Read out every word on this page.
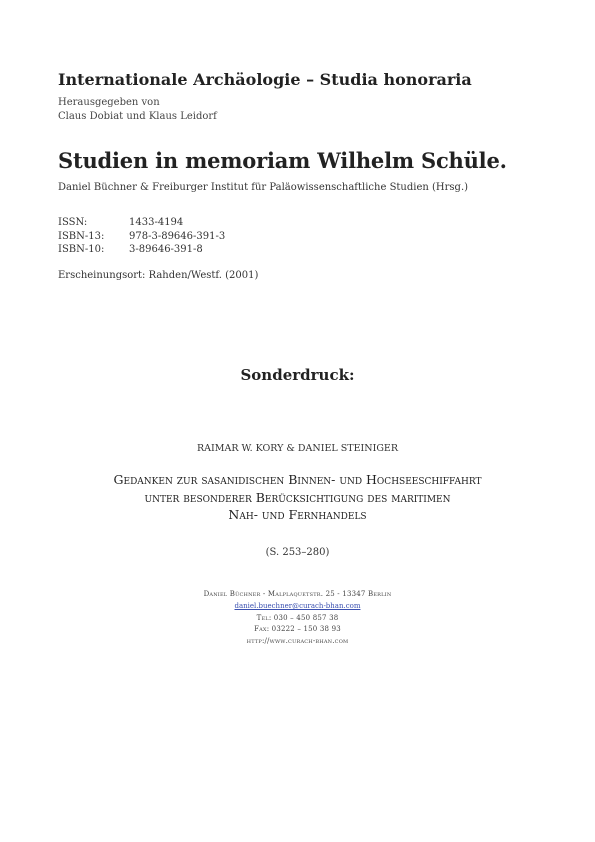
Internationale Archäologie – Studia honoraria
Herausgegeben von
Claus Dobiat und Klaus Leidorf
Studien in memoriam Wilhelm Schüle.
Daniel Büchner & Freiburger Institut für Paläowissenschaftliche Studien (Hrsg.)
ISSN:	1433-4194
ISBN-13:	978-3-89646-391-3
ISBN-10:	3-89646-391-8
Erscheinungsort: Rahden/Westf. (2001)
Sonderdruck:
RAIMAR W. KORY & DANIEL STEINIGER
Gedanken zur sasanidischen Binnen- und Hochseeschiffahrt
unter besonderer Berücksichtigung des maritimen
Nah- und Fernhandels
(S. 253–280)
Daniel Büchner - Malplaquetstr. 25 - 13347 Berlin
daniel.buechner@curach-bhan.com
Tel: 030 – 450 857 38
Fax: 03222 – 150 38 93
http://www.curach-bhan.com
